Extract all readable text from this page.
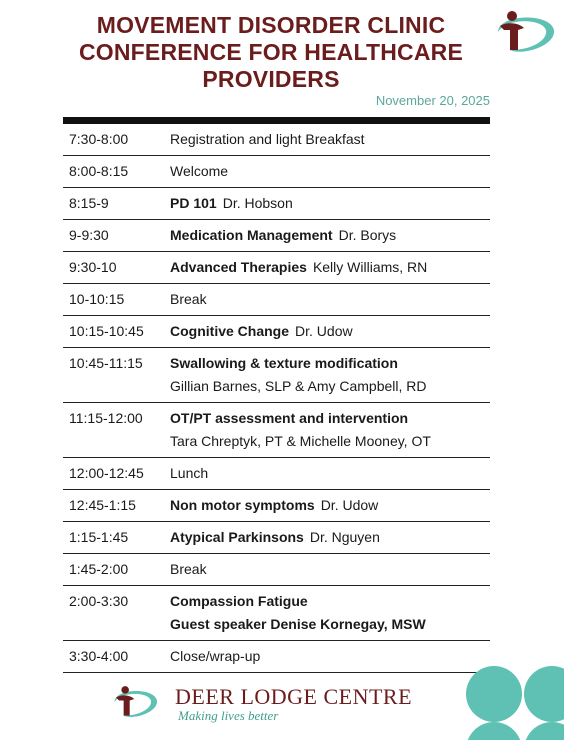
MOVEMENT DISORDER CLINIC
CONFERENCE FOR HEALTHCARE
PROVIDERS
November 20, 2025
7:30-8:00	Registration and light Breakfast

8:00-8:15	Welcome

8:15-9	PD 101 Dr. Hobson

9-9:30	Medication Management Dr. Borys

9:30-10	Advanced Therapies Kelly Williams, RN

10-10:15	Break

10:15-10:45	Cognitive Change Dr. Udow

10:45-11:15	Swallowing & texture modification
Gillian Barnes, SLP & Amy Campbell, RD

11:15-12:00	OT/PT assessment and intervention
Tara Chreptyk, PT & Michelle Mooney, OT

12:00-12:45	Lunch

12:45-1:15	Non motor symptoms Dr. Udow

1:15-1:45	Atypical Parkinsons Dr. Nguyen

1:45-2:00	Break

2:00-3:30	Compassion Fatigue
Guest speaker Denise Kornegay, MSW

3:30-4:00	Close/wrap-up
DEER LODGE CENTRE
Making lives better
